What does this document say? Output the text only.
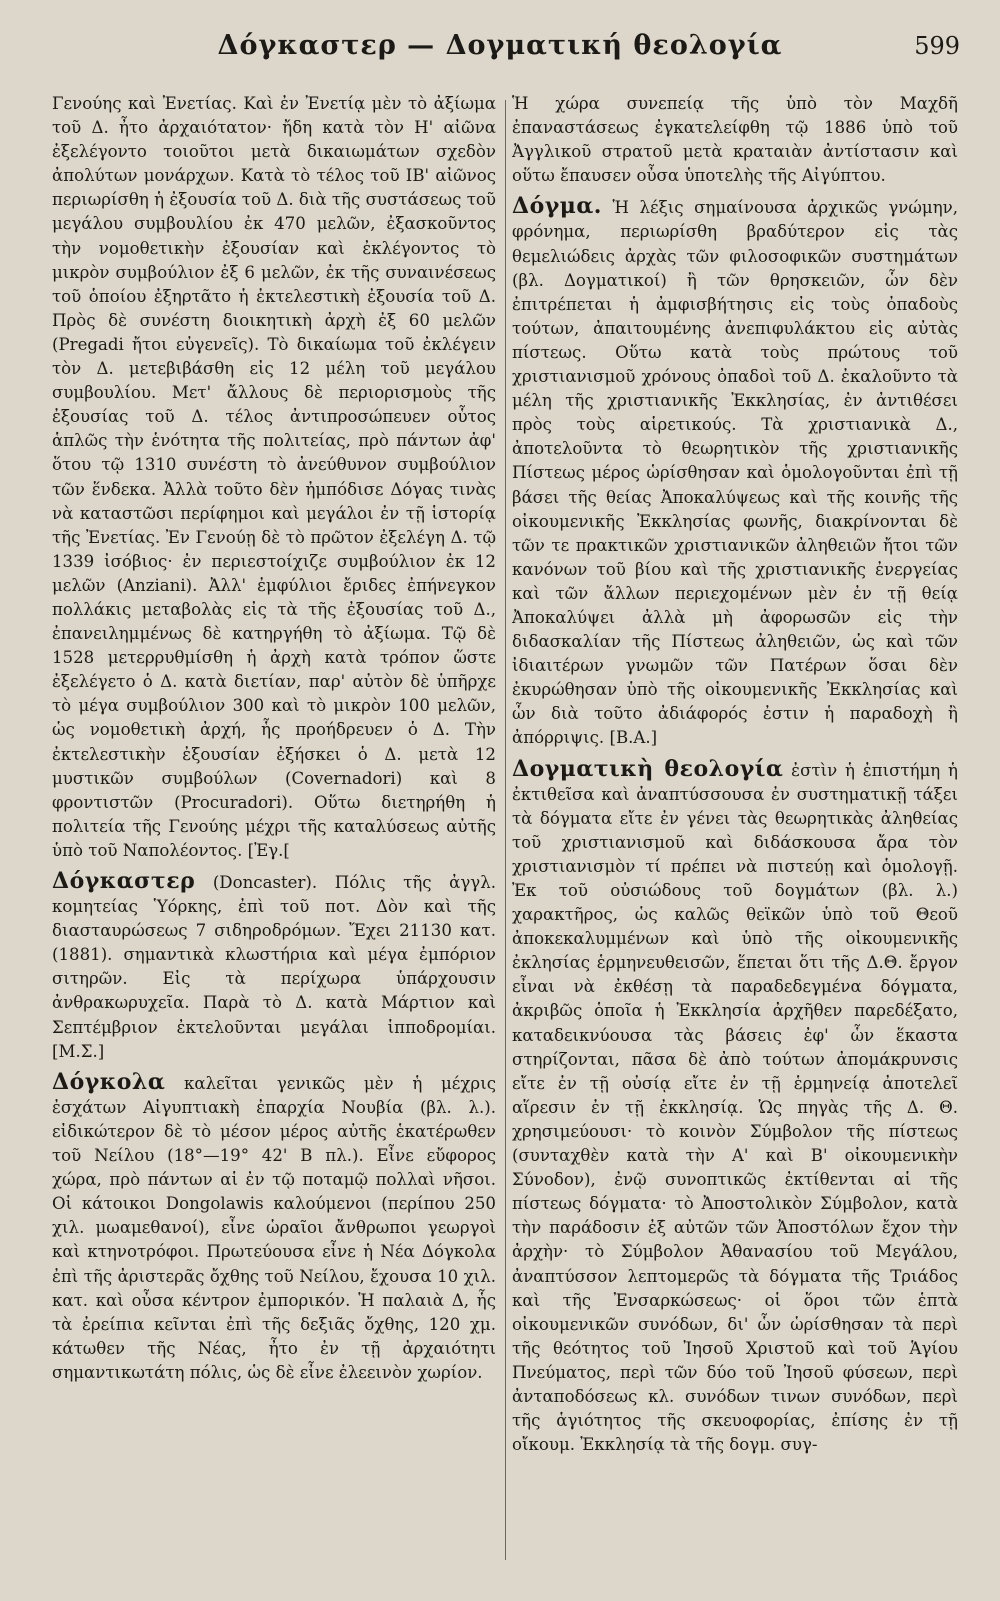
Δόγκαστερ — Δογματική θεολογία	599

Γενούης καὶ Ἐνετίας. Καὶ ἐν Ἐνετίᾳ μὲν τὸ ἀξίωμα τοῦ Δ. ἦτο ἀρχαιότατον· ἤδη κατὰ τὸν Η' αἰῶνα ἐξελέγοντο τοιοῦτοι μετὰ δικαιωμάτων σχεδὸν ἀπολύτων μονάρχων. Κατὰ τὸ τέλος τοῦ ΙΒ' αἰῶνος περιωρίσθη ἡ ἐξουσία τοῦ Δ. διὰ τῆς συστάσεως τοῦ μεγάλου συμβουλίου ἐκ 470 μελῶν, ἐξασκοῦντος τὴν νομοθετικὴν ἐξουσίαν καὶ ἐκλέγοντος τὸ μικρὸν συμβούλιον ἐξ 6 μελῶν, ἐκ τῆς συναινέσεως τοῦ ὁποίου ἐξηρτᾶτο ἡ ἐκτελεστικὴ ἐξουσία τοῦ Δ. Πρὸς δὲ συνέστη διοικητικὴ ἀρχὴ ἐξ 60 μελῶν (Pregadi ἤτοι εὐγενεῖς). Τὸ δικαίωμα τοῦ ἐκλέγειν τὸν Δ. μετεβιβάσθη εἰς 12 μέλη τοῦ μεγάλου συμβουλίου. Μετ' ἄλλους δὲ περιορισμοὺς τῆς ἐξουσίας τοῦ Δ. τέλος ἀντιπροσώπευεν οὗτος ἁπλῶς τὴν ἑνότητα τῆς πολιτείας, πρὸ πάντων ἀφ' ὅτου τῷ 1310 συνέστη τὸ ἀνεύθυνον συμβούλιον τῶν ἕνδεκα. Ἀλλὰ τοῦτο δὲν ἠμπόδισε Δόγας τινὰς νὰ καταστῶσι περίφημοι καὶ μεγάλοι ἐν τῇ ἱστορίᾳ τῆς Ἐνετίας. Ἐν Γενούῃ δὲ τὸ πρῶτον ἐξελέγη Δ. τῷ 1339 ἰσόβιος· ἐν περιεστοίχιζε συμβούλιον ἐκ 12 μελῶν (Anziani). Ἀλλ' ἐμφύλιοι ἔριδες ἐπήνεγκον πολλάκις μεταβολὰς εἰς τὰ τῆς ἐξουσίας τοῦ Δ., ἐπανειλημμένως δὲ κατηργήθη τὸ ἀξίωμα. Τῷ δὲ 1528 μετερρυθμίσθη ἡ ἀρχὴ κατὰ τρόπον ὥστε ἐξελέγετο ὁ Δ. κατὰ διετίαν, παρ' αὐτὸν δὲ ὑπῆρχε τὸ μέγα συμβούλιον 300 καὶ τὸ μικρὸν 100 μελῶν, ὡς νομοθετικὴ ἀρχή, ἧς προήδρευεν ὁ Δ. Τὴν ἐκτελεστικὴν ἐξουσίαν ἐξήσκει ὁ Δ. μετὰ 12 μυστικῶν συμβούλων (Covernadori) καὶ 8 φροντιστῶν (Procuradori). Οὕτω διετηρήθη ἡ πολιτεία τῆς Γενούης μέχρι τῆς καταλύσεως αὐτῆς ὑπὸ τοῦ Ναπολέοντος. [Ἐγ.[

Δόγκαστερ (Doncaster). Πόλις τῆς ἀγγλ. κομητείας Ὑόρκης, ἐπὶ τοῦ ποτ. Δὸν καὶ τῆς διασταυρώσεως 7 σιδηροδρόμων. Ἔχει 21130 κατ. (1881). σημαντικὰ κλωστήρια καὶ μέγα ἐμπόριον σιτηρῶν. Εἰς τὰ περίχωρα ὑπάρχουσιν ἀνθρακωρυχεῖα. Παρὰ τὸ Δ. κατὰ Μάρτιον καὶ Σεπτέμβριον ἐκτελοῦνται μεγάλαι ἱπποδρομίαι. [Μ.Σ.]

Δόγκολα καλεῖται γενικῶς μὲν ἡ μέχρις ἐσχάτων Αἰγυπτιακὴ ἐπαρχία Νουβία (βλ. λ.). εἰδικώτερον δὲ τὸ μέσον μέρος αὐτῆς ἑκατέρωθεν τοῦ Νείλου (18°—19° 42' Β πλ.). Εἶνε εὔφορος χώρα, πρὸ πάντων αἱ ἐν τῷ ποταμῷ πολλαὶ νῆσοι. Οἱ κάτοικοι Dongolawis καλούμενοι (περίπου 250 χιλ. μωαμεθανοί), εἶνε ὡραῖοι ἄνθρωποι γεωργοὶ καὶ κτηνοτρόφοι. Πρωτεύουσα εἶνε ἡ Νέα Δόγκολα ἐπὶ τῆς ἀριστερᾶς ὄχθης τοῦ Νείλου, ἔχουσα 10 χιλ. κατ. καὶ οὖσα κέντρον ἐμπορικόν. Ἡ παλαιὰ Δ, ἧς τὰ ἐρείπια κεῖνται ἐπὶ τῆς δεξιᾶς ὄχθης, 120 χμ. κάτωθεν τῆς Νέας, ἦτο ἐν τῇ ἀρχαιότητι σημαντικωτάτη πόλις, ὡς δὲ εἶνε ἐλεεινὸν χωρίον.

Ἡ χώρα συνεπείᾳ τῆς ὑπὸ τὸν Μαχδῆ ἐπαναστάσεως ἐγκατελείφθη τῷ 1886 ὑπὸ τοῦ Ἀγγλικοῦ στρατοῦ μετὰ κραταιὰν ἀντίστασιν καὶ οὕτω ἔπαυσεν οὖσα ὑποτελὴς τῆς Αἰγύπτου.

Δόγμα. Ἡ λέξις σημαίνουσα ἀρχικῶς γνώμην, φρόνημα, περιωρίσθη βραδύτερον εἰς τὰς θεμελιώδεις ἀρχὰς τῶν φιλοσοφικῶν συστημάτων (βλ. Δογματικοί) ἢ τῶν θρησκειῶν, ὧν δὲν ἐπιτρέπεται ἡ ἀμφισβήτησις εἰς τοὺς ὀπαδοὺς τούτων, ἀπαιτουμένης ἀνεπιφυλάκτου εἰς αὐτὰς πίστεως. Οὕτω κατὰ τοὺς πρώτους τοῦ χριστιανισμοῦ χρόνους ὀπαδοὶ τοῦ Δ. ἐκαλοῦντο τὰ μέλη τῆς χριστιανικῆς Ἐκκλησίας, ἐν ἀντιθέσει πρὸς τοὺς αἱρετικούς. Τὰ χριστιανικὰ Δ., ἀποτελοῦντα τὸ θεωρητικὸν τῆς χριστιανικῆς Πίστεως μέρος ὡρίσθησαν καὶ ὁμολογοῦνται ἐπὶ τῇ βάσει τῆς θείας Ἀποκαλύψεως καὶ τῆς κοινῆς τῆς οἰκουμενικῆς Ἐκκλησίας φωνῆς, διακρίνονται δὲ τῶν τε πρακτικῶν χριστιανικῶν ἀληθειῶν ἤτοι τῶν κανόνων τοῦ βίου καὶ τῆς χριστιανικῆς ἐνεργείας καὶ τῶν ἄλλων περιεχομένων μὲν ἐν τῇ θείᾳ Ἀποκαλύψει ἀλλὰ μὴ ἀφορωσῶν εἰς τὴν διδασκαλίαν τῆς Πίστεως ἀληθειῶν, ὡς καὶ τῶν ἰδιαιτέρων γνωμῶν τῶν Πατέρων ὅσαι δὲν ἐκυρώθησαν ὑπὸ τῆς οἰκουμενικῆς Ἐκκλησίας καὶ ὧν διὰ τοῦτο ἀδιάφορός ἐστιν ἡ παραδοχὴ ἢ ἀπόρριψις. [Β.Α.]

Δογματικὴ θεολογία ἐστὶν ἡ ἐπιστήμη ἡ ἐκτιθεῖσα καὶ ἀναπτύσσουσα ἐν συστηματικῇ τάξει τὰ δόγματα εἴτε ἐν γένει τὰς θεωρητικὰς ἀληθείας τοῦ χριστιανισμοῦ καὶ διδάσκουσα ἄρα τὸν χριστιανισμὸν τί πρέπει νὰ πιστεύῃ καὶ ὁμολογῇ. Ἐκ τοῦ οὐσιώδους τοῦ δογμάτων (βλ. λ.) χαρακτῆρος, ὡς καλῶς θεϊκῶν ὑπὸ τοῦ Θεοῦ ἀποκεκαλυμμένων καὶ ὑπὸ τῆς οἰκουμενικῆς ἐκλησίας ἑρμηνευθεισῶν, ἕπεται ὅτι τῆς Δ.Θ. ἔργον εἶναι νὰ ἐκθέσῃ τὰ παραδεδεγμένα δόγματα, ἀκριβῶς ὁποῖα ἡ Ἐκκλησία ἀρχῆθεν παρεδέξατο, καταδεικνύουσα τὰς βάσεις ἐφ' ὧν ἕκαστα στηρίζονται, πᾶσα δὲ ἀπὸ τούτων ἀπομάκρυνσις εἴτε ἐν τῇ οὐσίᾳ εἴτε ἐν τῇ ἑρμηνείᾳ ἀποτελεῖ αἵρεσιν ἐν τῇ ἐκκλησίᾳ. Ὡς πηγὰς τῆς Δ. Θ. χρησιμεύουσι· τὸ κοινὸν Σύμβολον τῆς πίστεως (συνταχθὲν κατὰ τὴν Α' καὶ Β' οἰκουμενικὴν Σύνοδον), ἐνῷ συνοπτικῶς ἐκτίθενται αἱ τῆς πίστεως δόγματα· τὸ Ἀποστολικὸν Σύμβολον, κατὰ τὴν παράδοσιν ἐξ αὐτῶν τῶν Ἀποστόλων ἔχον τὴν ἀρχὴν· τὸ Σύμβολον Ἀθανασίου τοῦ Μεγάλου, ἀναπτύσσον λεπτομερῶς τὰ δόγματα τῆς Τριάδος καὶ τῆς Ἐνσαρκώσεως· οἱ ὅροι τῶν ἑπτὰ οἰκουμενικῶν συνόδων, δι' ὧν ὡρίσθησαν τὰ περὶ τῆς θεότητος τοῦ Ἰησοῦ Χριστοῦ καὶ τοῦ Ἁγίου Πνεύματος, περὶ τῶν δύο τοῦ Ἰησοῦ φύσεων, περὶ ἀνταποδόσεως κλ. συνόδων τινων συνόδων, περὶ τῆς ἁγιότητος τῆς σκευοφορίας, ἐπίσης ἐν τῇ οἴκουμ. Ἐκκλησίᾳ τὰ τῆς δογμ. συγ-
